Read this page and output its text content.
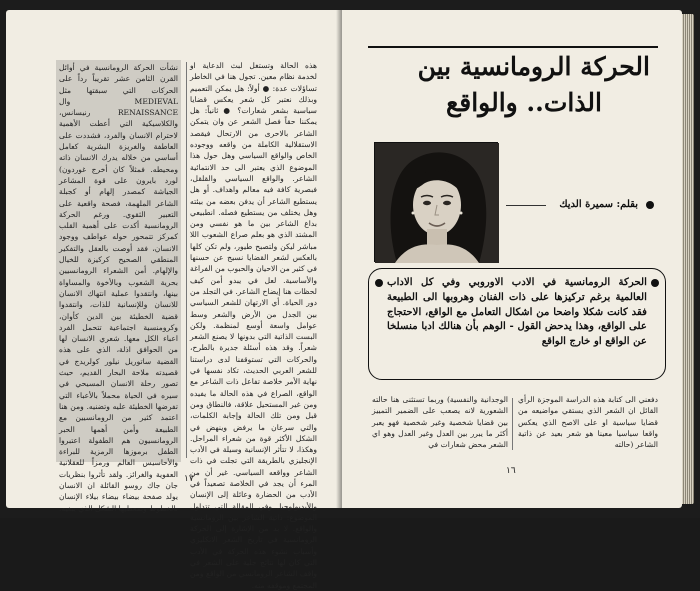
نشأت الحركة الرومانسية في أوائل القرن الثامن عشر تقريباً رداً على الحركات التي سبقتها مثل MEDIEVAL وال RENAISSANCE رنيسانس، والكلاسيكية التي أعطت الأهمية لاحترام الانسان والفرد، فشددت على العاطفة والغريزة البشرية كعامل أساسي من خلاله يدرك الانسان ذاته ومحيطه. فمثلاً كان أخرج غوردون) لورد بايرون على قوة المشاعر الجياشة كمصدر إلهام أو كجبلة الشاعر الملهمة، فصحة واقعية على التعبير الثقوي. ورغم الحركة الرومانسية أكدت على أهمية القلب كمركز تتمحور حوله عواطف ووجود الانسان، فقد أوصت بالعقل والتفكير المنطقي الصحيح كركيزة للخيال والإلهام. أمن الشعراء الرومانسيين بحرية الشعوب وبالأخوة والمساواة بينها، وانتقدوا عملية انتهاك الانسان للانسان وللإنسانية للذات، وانتقدوا قضية الخطيئة بين الدين كأوان، وكرومنسية اجتماعية تتحمل الفرد اعباء الكل معها. شعري الانسان لها من الحوافق اذلة، الذي على هذه القضية ساتوريل نيلور كولريدج في قصيدته ملاحة البحار القديم، حيث تصور رحلة الانسان المسيحي في سيره في الحياة محملاً بالأعباء التي تفرضها الخطيئة عليه وتضنيه. ومن هنا اعتمد كثير من الرومانسيين مع الطبيعة وأمن أهمها الحبر الرومانسيون هم الطفولة اعتبروا الطفل برموزها الرمزية للبراءة والأحاسيس العالم ورمزاً للعقلانية العفوية والغرائز. ولقد تأثروا بنظريات جان جاك روسو القائلة ان الانسان يولد صفحة بيضاء بيضاء بيلاء الإنسان بالخطوط وبمعطيها الشكل الذي يبغيه.

هذه الحالة وتستغل لبث الدعاية او لخدمة نظام معين. تجول هنا في الخاطر تساؤلات عدة: ● أولاً: هل يمكن التعميم وبذلك نعتبر كل شعر يعكس قضايا سياسية بشعر شعارات؟ ● ثانياً: هل يمكننا حقاً فصل الشعر عن وان يتمكن الشاعر بالاحرى من الارتحال فيقصد الاستقلالية الكاملة من واقعه ووجوده الخاص والواقع السياسي وهل حول هذا الموضوع الذي يعتبر الى حد الانتمائية الشاعر. والواقع السياسي والقلقل، فبصرية كافة فيه معالم واهداف. أو هل يستطيع الشاعر أن يدفن بعضه من بيئته وهل يختلف من يستطيع فصله. انطبيعي بداع الشاعر بين ما هو نفسي ومن المشتد الذي هو بعلم صراع الشعوب اللا مباشر ليكن ولتصبح طيور، ولم تكن كلها بالعكس لشعر القضايا نسيج عن حسنها في كثير من الاحيان والحبوب من الفراغة والأساسية. لعل في يبدو أمن كيف لحظات هنا إيضاح الشاعر. في التجلد من دور الحياة. أي الارتهان للشعر السياسي بين الجدل من الأرض والشعر وسط عوامل واسعة أوسع لمنظمة. ولكن البست الذاتية التي بدونها لا يصنع الشعر شعراً. وقد هذه أسئلة جديرة بالطرح، والحركات التي تستوقفنا لدى دراستنا للشعر العربي الحديث، تكاد نفسها في نهاية الأمر خلاصة تفاعل ذات الشاعر مع الواقع، الصراع في هذه الحالة ما يفيده ومن غير المستحيل علاقة، فالنطاق ومن قبل ومن تلك الحالة وإجابة الكلمات، والتي سرعان ما يرفض وينهض في الشكل الأكثر قوة من شعراء المراحل. وهكذا، لا تتأثر الإنسانية وسيلة في الأدب الإنجليزي بالطريقة التي تجلت في ذات الشاعر وواقعه السياسي. غير أن من المرء أن يجد في الخلاصة تصعيداً في الأدب من الحضارة وعائلة إلى الإنسان والأيديولوجيا. وفي المقالة التي تتداول الموضوع: ذاتية الشاعر بين الرومانسية والواقع. لا بد من الإشارة إلى الحركة الرومانسية في تاريخ الشعر الانكليزي وأسباب نشوء هذه الحركة في الأدب التي كان لها نتائج جلية على الشعر في واقف الشاعر الرومانسي من الواقع ومن المجتمع وموقفه منه.

١٧
الحركة الرومانسية بين
الذات.. والواقع
بقلم: سميرة الديك
الحركة الرومانسية في الادب الاوروبي وفي كل الاداب العالمية برغم تركيزها على ذات الفنان وهروبها الى الطبيعة فقد كانت شكلا واضحا من اشكال التعامل مع الواقع، الاحتجاج على الواقع، وهذا يدحض القول - الوهم بأن هنالك ادبا منسلخا عن الواقع او خارج الواقع

الوجدانية والنفسية) وربما تستثنى هنا حالته الشعورية لانه يصعب على الضمير التمييز بين قضايا شخصية وغير شخصية فهو يعبر أكثر ما يبرر بين العدل وغير العدل وهو اي الشعر محض شعارات في

دفعني الى كتابة هذه الدراسة الموجزة الرأي القائل ان الشعر الذي يستقي مواضيعه من قضايا سياسية او على الاصح الذي يعكس واقعا سياسيا معينا هو شعر بعيد عن ذاتية الشاعر (حالته

١٦
